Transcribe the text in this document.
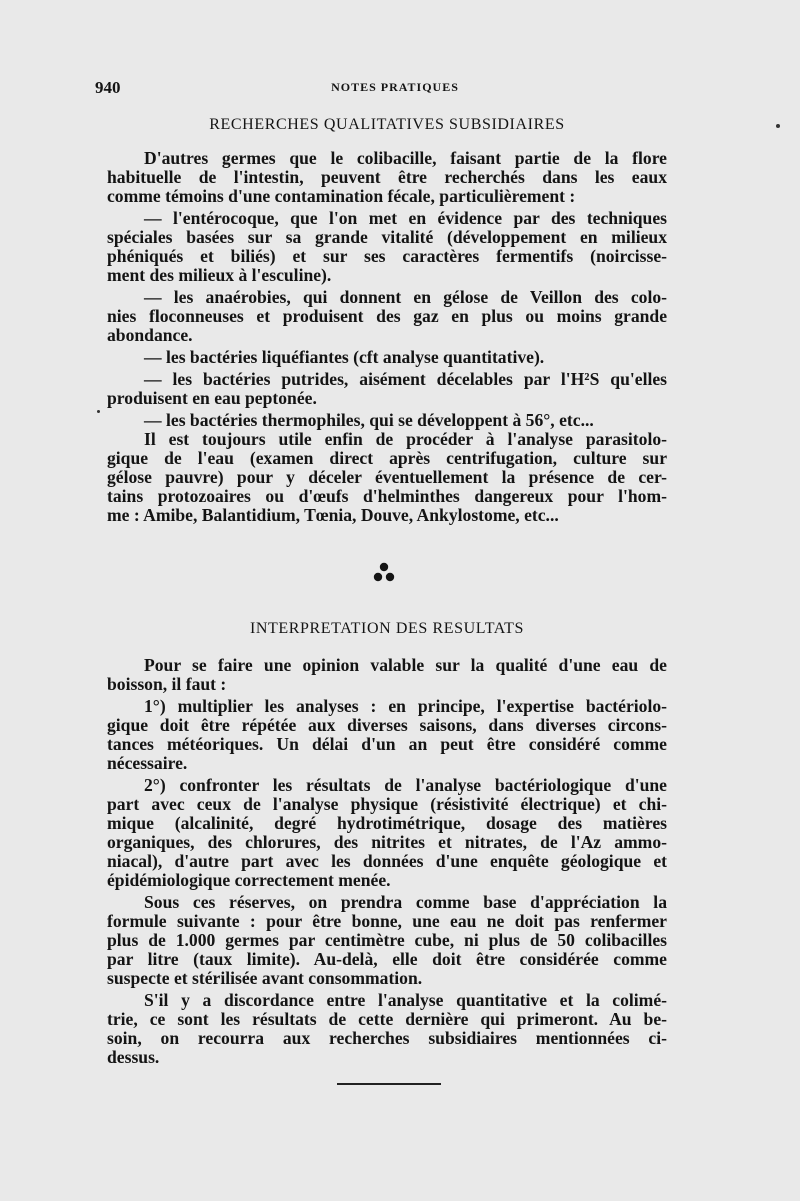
940	NOTES PRATIQUES
RECHERCHES QUALITATIVES SUBSIDIAIRES
D'autres germes que le colibacille, faisant partie de la flore
habituelle de l'intestin, peuvent être recherchés dans les eaux
comme témoins d'une contamination fécale, particulièrement :
— l'entérocoque, que l'on met en évidence par des techniques
spéciales basées sur sa grande vitalité (développement en milieux
phéniqués et biliés) et sur ses caractères fermentifs (noircisse-
ment des milieux à l'esculine).
— les anaérobies, qui donnent en gélose de Veillon des colo-
nies floconneuses et produisent des gaz en plus ou moins grande
abondance.
— les bactéries liquéfiantes (cft analyse quantitative).
— les bactéries putrides, aisément décelables par l'H²S qu'elles
produisent en eau peptonée.
— les bactéries thermophiles, qui se développent à 56°, etc...
Il est toujours utile enfin de procéder à l'analyse parasitolo-
gique de l'eau (examen direct après centrifugation, culture sur
gélose pauvre) pour y déceler éventuellement la présence de cer-
tains protozoaires ou d'œufs d'helminthes dangereux pour l'hom-
me : Amibe, Balantidium, Tœnia, Douve, Ankylostome, etc...
INTERPRETATION DES RESULTATS
Pour se faire une opinion valable sur la qualité d'une eau de
boisson, il faut :
1°) multiplier les analyses : en principe, l'expertise bactériolo-
gique doit être répétée aux diverses saisons, dans diverses circons-
tances météoriques. Un délai d'un an peut être considéré comme
nécessaire.
2°) confronter les résultats de l'analyse bactériologique d'une
part avec ceux de l'analyse physique (résistivité électrique) et chi-
mique (alcalinité, degré hydrotimétrique, dosage des matières
organiques, des chlorures, des nitrites et nitrates, de l'Az ammo-
niacal), d'autre part avec les données d'une enquête géologique et
épidémiologique correctement menée.
Sous ces réserves, on prendra comme base d'appréciation la
formule suivante : pour être bonne, une eau ne doit pas renfermer
plus de 1.000 germes par centimètre cube, ni plus de 50 colibacilles
par litre (taux limite). Au-delà, elle doit être considérée comme
suspecte et stérilisée avant consommation.
S'il y a discordance entre l'analyse quantitative et la colimé-
trie, ce sont les résultats de cette dernière qui primeront. Au be-
soin, on recourra aux recherches subsidiaires mentionnées ci-
dessus.
